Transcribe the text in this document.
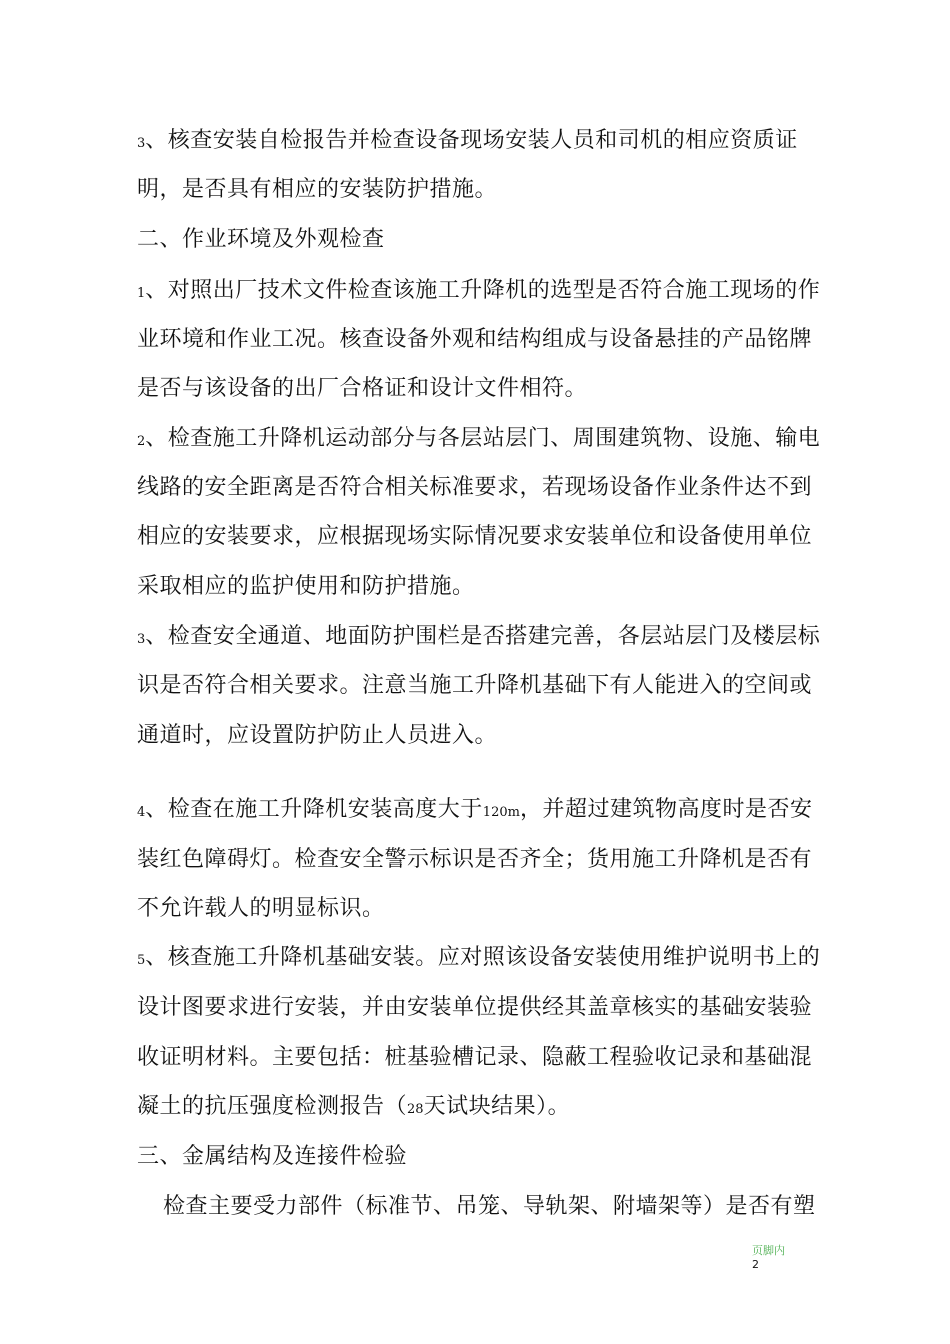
3、核查安装自检报告并检查设备现场安装人员和司机的相应资质证
明，是否具有相应的安装防护措施。
二、作业环境及外观检查
1、对照出厂技术文件检查该施工升降机的选型是否符合施工现场的作
业环境和作业工况。核查设备外观和结构组成与设备悬挂的产品铭牌
是否与该设备的出厂合格证和设计文件相符。
2、检查施工升降机运动部分与各层站层门、周围建筑物、设施、输电
线路的安全距离是否符合相关标准要求，若现场设备作业条件达不到
相应的安装要求，应根据现场实际情况要求安装单位和设备使用单位
采取相应的监护使用和防护措施。
3、检查安全通道、地面防护围栏是否搭建完善，各层站层门及楼层标
识是否符合相关要求。注意当施工升降机基础下有人能进入的空间或
通道时，应设置防护防止人员进入。
4、检查在施工升降机安装高度大于120m，并超过建筑物高度时是否安
装红色障碍灯。检查安全警示标识是否齐全；货用施工升降机是否有
不允许载人的明显标识。
5、核查施工升降机基础安装。应对照该设备安装使用维护说明书上的
设计图要求进行安装，并由安装单位提供经其盖章核实的基础安装验
收证明材料。主要包括：桩基验槽记录、隐蔽工程验收记录和基础混
凝土的抗压强度检测报告（28天试块结果）。
三、金属结构及连接件检验
检查主要受力部件（标准节、吊笼、导轨架、附墙架等）是否有塑
页脚内
2
